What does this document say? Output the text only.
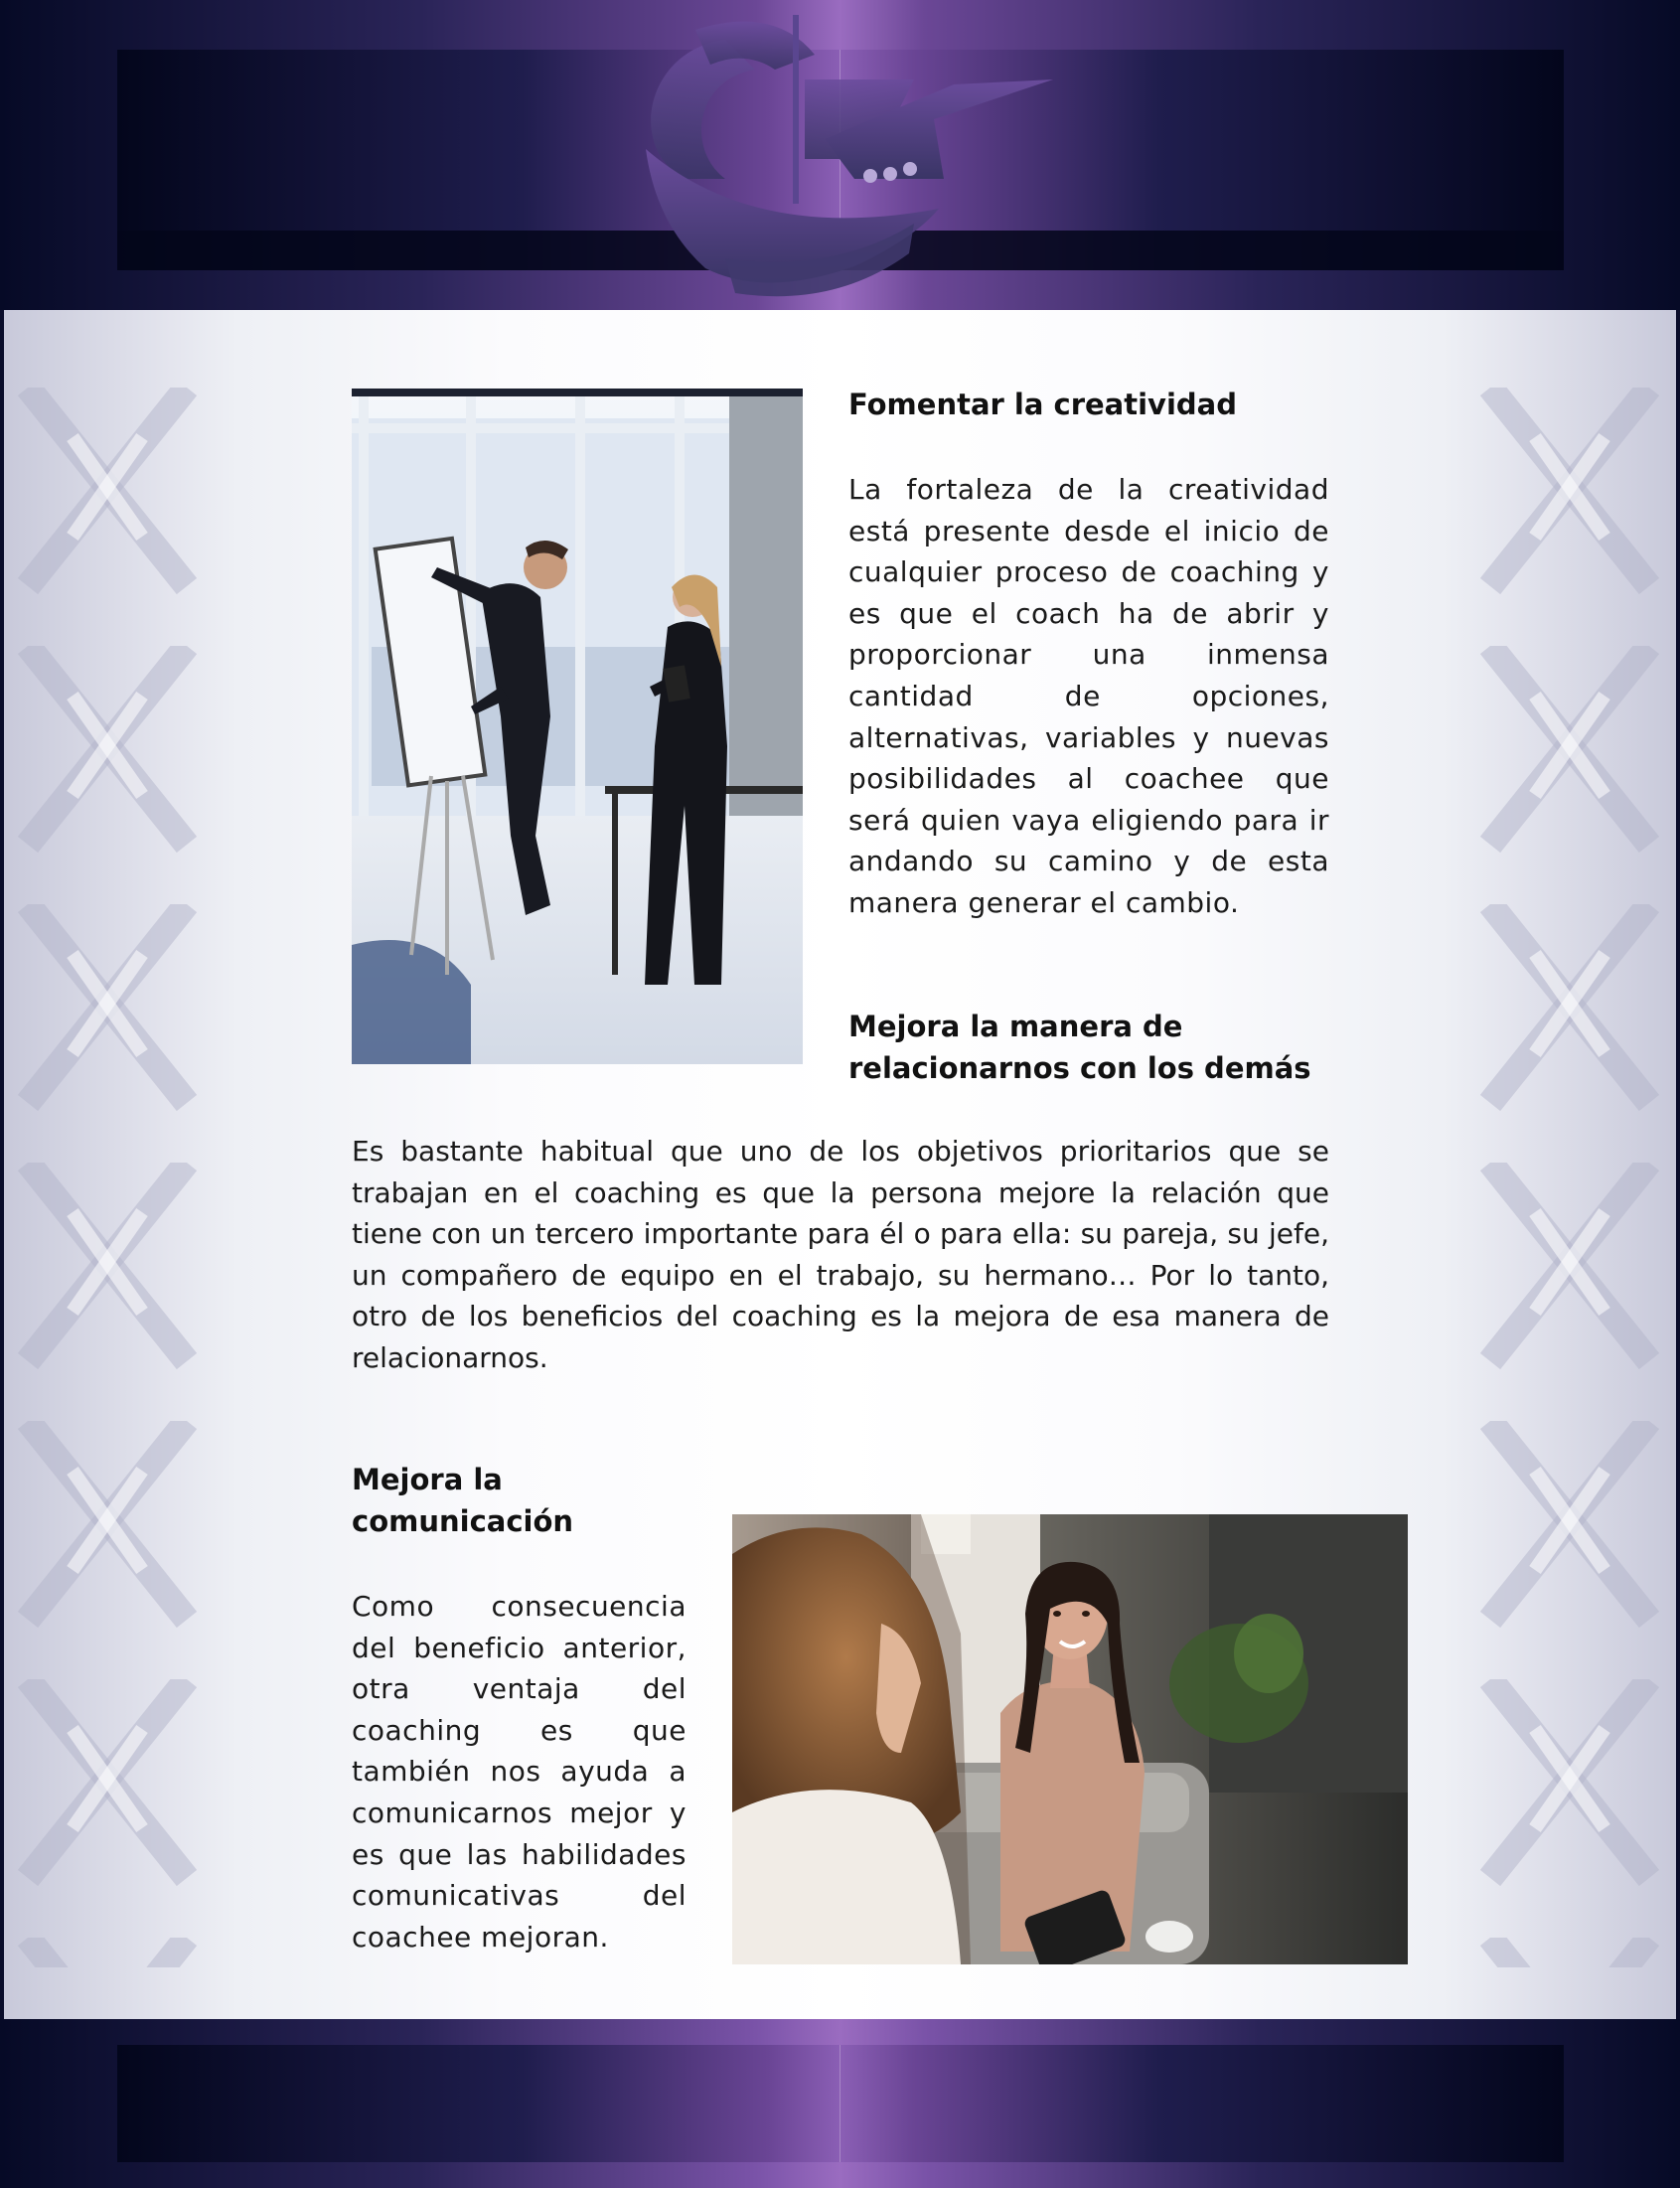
Fomentar la creatividad

La fortaleza de la creatividad está presente desde el inicio de cualquier proceso de coaching y es que el coach ha de abrir y proporcionar una inmensa cantidad de opciones, alternativas, variables y nuevas posibilidades al coachee que será quien vaya eligiendo para ir andando su camino y de esta manera generar el cambio.

Mejora la manera de relacionarnos con los demás

Es bastante habitual que uno de los objetivos prioritarios que se trabajan en el coaching es que la persona mejore la relación que tiene con un tercero importante para él o para ella: su pareja, su jefe, un compañero de equipo en el trabajo, su hermano… Por lo tanto, otro de los beneficios del coaching es la mejora de esa manera de relacionarnos.

Mejora la comunicación

Como consecuencia del beneficio anterior, otra ventaja del coaching es que también nos ayuda a comunicarnos mejor y es que las habilidades comunicativas del coachee mejoran.
